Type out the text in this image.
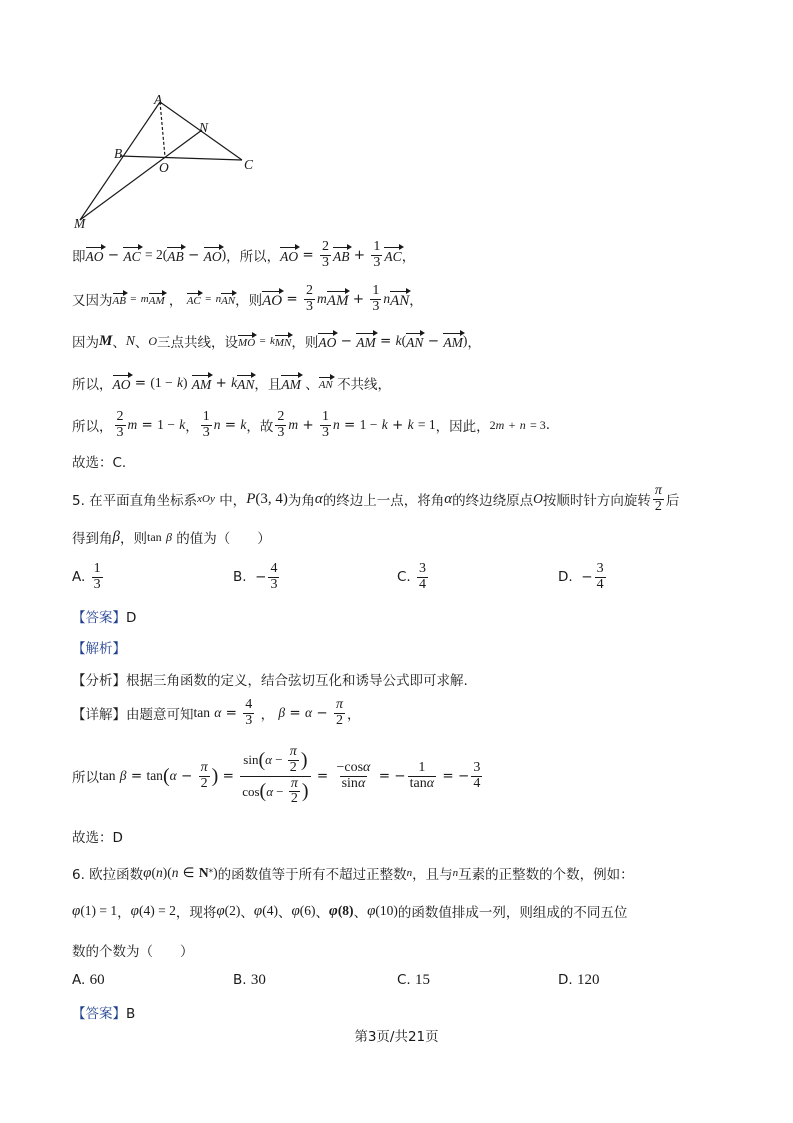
A
N
B
O	C
M
即 AO − AC
= 2( AB − AO ) ，所以， AO = $\frac{2}{3}$ AB + $\frac{1}{3}$ AC ，
又因为 AB
=
m AM ， AC
=
n AN ，则 AO = $\frac{2}{3}$ m AM + $\frac{1}{3}$ n AN ，
因为 M 、 N 、 O 三点共线，设 MO
=
k MN ，则 AO − AM = k ( AN − AM ) ，
所以， AO = (1 −
k )
AM + k AN ，且 AM
、 AN
不共线，
所以， $\frac{2}{3}$ m = 1 −
k ， $\frac{1}{3}$ n = k ，故 $\frac{2}{3}$ $m + \frac{1}{3}$ n = 1 −
k + k
= 1 ，因此， 2 m
+
n
= 3 .
故选：C.
5. 在平面直角坐标系 xOy
中， P (3, 4) 为角 α 的终边上一点，将角 α 的终边绕原点 O 按顺时针方向旋转 $\frac{\pi}{2}$ 后
得到角 β ，则 tan
β
的值为（　　）
A.
$\frac{1}{3}$	B.
− $\frac{4}{3}$	C.
$\frac{3}{4}$	D.
− $\frac{3}{4}$
【答案】D
【解析】
【分析】根据三角函数的定义，结合弦切互化和诱导公式即可求解.
【详解】 由题意可知 tan
$\alpha = \frac{4}{3}$ ， $\beta = \alpha - \frac{\pi}{2}$ ，
所以 tan
β = tan ( $\alpha - \frac{\pi}{2}$ ) = $\frac{\sin ( \alpha - \frac{\pi}{2} )}{\cos ( \alpha - \frac{\pi}{2} )} = \frac{-\cos\alpha}{\sin\alpha}$ = − $\frac{1}{\tan\alpha}$ = − $\frac{3}{4}$
故选：D
6. 欧拉函数 φ ( n ) ( n ∈ N * ) 的函数值等于所有不超过正整数 n ，且与 n 互素的正整数的个数，例如：
φ (1) = 1 ， φ (4) = 2 ，现将 φ (2) 、 φ (4) 、 φ (6) 、 φ (8) 、 φ (10) 的函数值排成一列，则组成的不同五位
数的个数为（　　）
A.
60	B.
30	C.
15	D.
120
【答案】B
第3页/共21页
